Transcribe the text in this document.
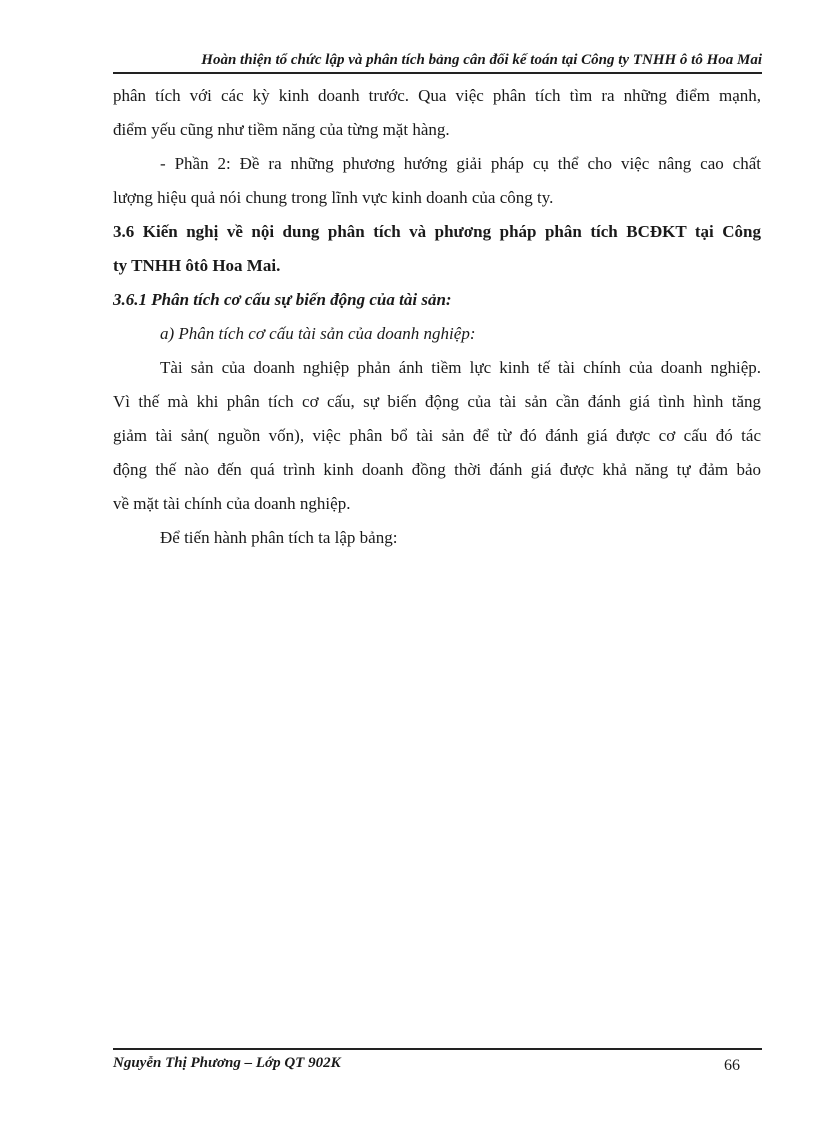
Hoàn thiện tổ chức lập và phân tích bảng cân đối kế toán tại Công ty TNHH ô tô Hoa Mai
phân tích với các kỳ kinh doanh trước. Qua việc phân tích tìm ra những điểm mạnh,
điểm yếu cũng như tiềm năng của từng mặt hàng.
- Phần 2: Đề ra những phương hướng giải pháp cụ thể cho việc nâng cao chất
lượng hiệu quả nói chung trong lĩnh vực kinh doanh của công ty.
3.6 Kiến nghị về nội dung phân tích và phương pháp phân tích BCĐKT tại Công
ty TNHH ôtô Hoa Mai.
3.6.1 Phân tích cơ cấu sự biến động của tài sản:
a) Phân tích cơ cấu tài sản của doanh nghiệp:
Tài sản của doanh nghiệp phản ánh tiềm lực kinh tế tài chính của doanh nghiệp.
Vì thế mà khi phân tích cơ cấu, sự biến động của tài sản cần đánh giá tình hình tăng
giảm tài sản( nguồn vốn), việc phân bổ tài sản để từ đó đánh giá được cơ cấu đó tác
động thế nào đến quá trình kinh doanh đồng thời đánh giá được khả năng tự đảm bảo
về mặt tài chính của doanh nghiệp.
Để tiến hành phân tích ta lập bảng:
Nguyễn Thị Phương – Lớp QT 902K	66
